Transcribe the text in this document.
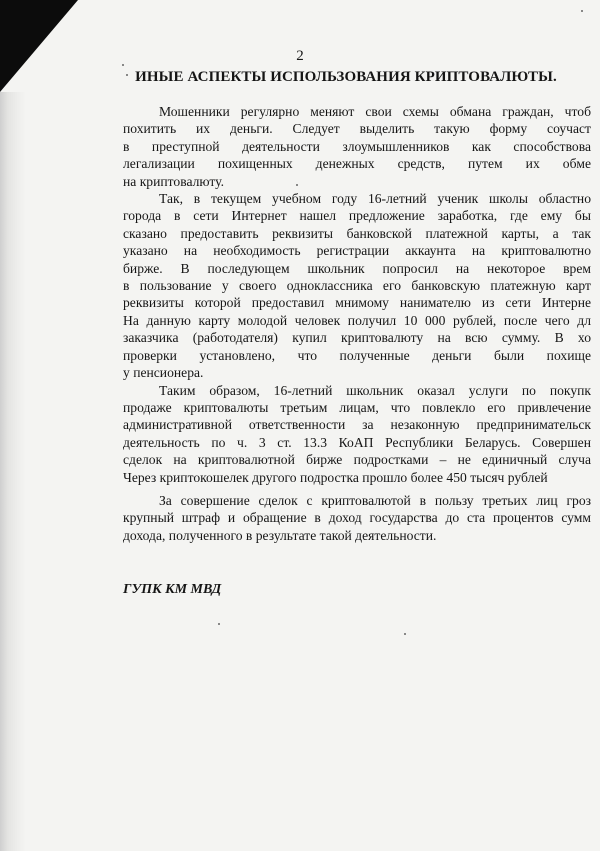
2
ИНЫЕ АСПЕКТЫ ИСПОЛЬЗОВАНИЯ КРИПТОВАЛЮТЫ.
Мошенники регулярно меняют свои схемы обмана граждан, чтоб
похитить их деньги. Следует выделить такую форму соучаст
в преступной деятельности злоумышленников как способствова
легализации похищенных денежных средств, путем их обме
на криптовалюту.
Так, в текущем учебном году 16-летний ученик школы областно
города в сети Интернет нашел предложение заработка, где ему бы
сказано предоставить реквизиты банковской платежной карты, а так
указано на необходимость регистрации аккаунта на криптовалютно
бирже. В последующем школьник попросил на некоторое врем
в пользование у своего одноклассника его банковскую платежную карт
реквизиты которой предоставил мнимому нанимателю из сети Интерне
На данную карту молодой человек получил 10 000 рублей, после чего дл
заказчика (работодателя) купил криптовалюту на всю сумму. В хо
проверки установлено, что полученные деньги были похище
у пенсионера.
Таким образом, 16-летний школьник оказал услуги по покупк
продаже криптовалюты третьим лицам, что повлекло его привлечение
административной ответственности за незаконную предпринимательск
деятельность по ч. 3 ст. 13.3 КоАП Республики Беларусь. Совершен
сделок на криптовалютной бирже подростками – не единичный случа
Через криптокошелек другого подростка прошло более 450 тысяч рублей
За совершение сделок с криптовалютой в пользу третьих лиц гроз
крупный штраф и обращение в доход государства до ста процентов сумм
дохода, полученного в результате такой деятельности.
ГУПК КМ МВД
